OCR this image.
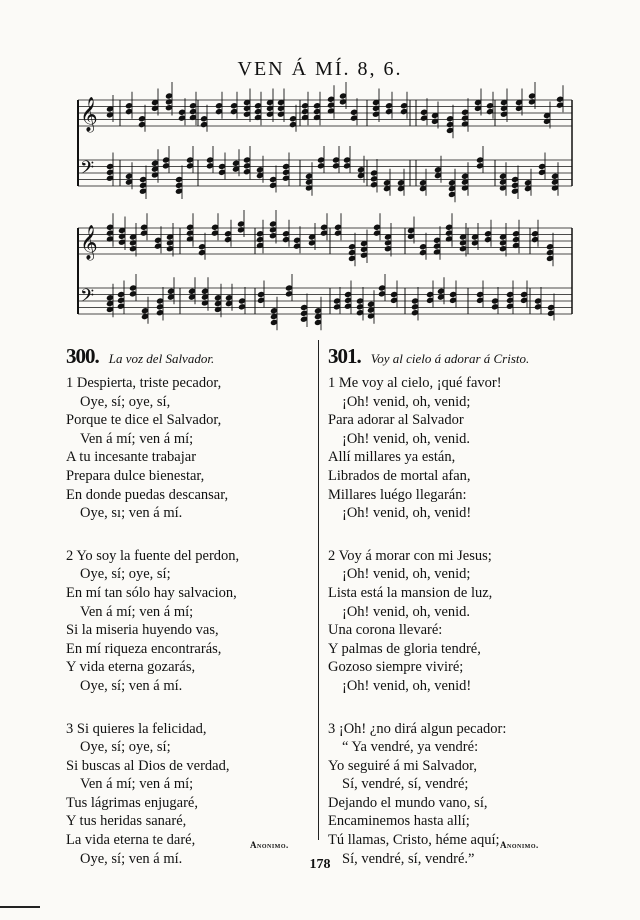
VEN Á MÍ. 8, 6.
𝄞
𝄢
𝄞
𝄢
300. La voz del Salvador.
1 Despierta, triste pecador,
Oye, sí; oye, sí,
Porque te dice el Salvador,
Ven á mí; ven á mí;
A tu incesante trabajar
Prepara dulce bienestar,
En donde puedas descansar,
Oye, sı; ven á mí.
2 Yo soy la fuente del perdon,
Oye, sí; oye, sí;
En mí tan sólo hay salvacion,
Ven á mí; ven á mí;
Si la miseria huyendo vas,
En mí riqueza encontrarás,
Y vida eterna gozarás,
Oye, sí; ven á mí.
3 Si quieres la felicidad,
Oye, sí; oye, sí;
Si buscas al Dios de verdad,
Ven á mí; ven á mí;
Tus lágrimas enjugaré,
Y tus heridas sanaré,
La vida eterna te daré,
Oye, sí; ven á mí.
301. Voy al cielo á adorar á Cristo.
1 Me voy al cielo, ¡qué favor!
¡Oh! venid, oh, venid;
Para adorar al Salvador
¡Oh! venid, oh, venid.
Allí millares ya están,
Librados de mortal afan,
Millares luégo llegarán:
¡Oh! venid, oh, venid!
2 Voy á morar con mi Jesus;
¡Oh! venid, oh, venid;
Lista está la mansion de luz,
¡Oh! venid, oh, venid.
Una corona llevaré:
Y palmas de gloria tendré,
Gozoso siempre viviré;
¡Oh! venid, oh, venid!
3 ¡Oh! ¿no dirá algun pecador:
“ Ya vendré, ya vendré:
Yo seguiré á mi Salvador,
Sí, vendré, sí, vendré;
Dejando el mundo vano, sí,
Encaminemos hasta allí;
Tú llamas, Cristo, héme aquí;
Sí, vendré, sí, vendré.”
Anonimo.	Anonimo.
178
